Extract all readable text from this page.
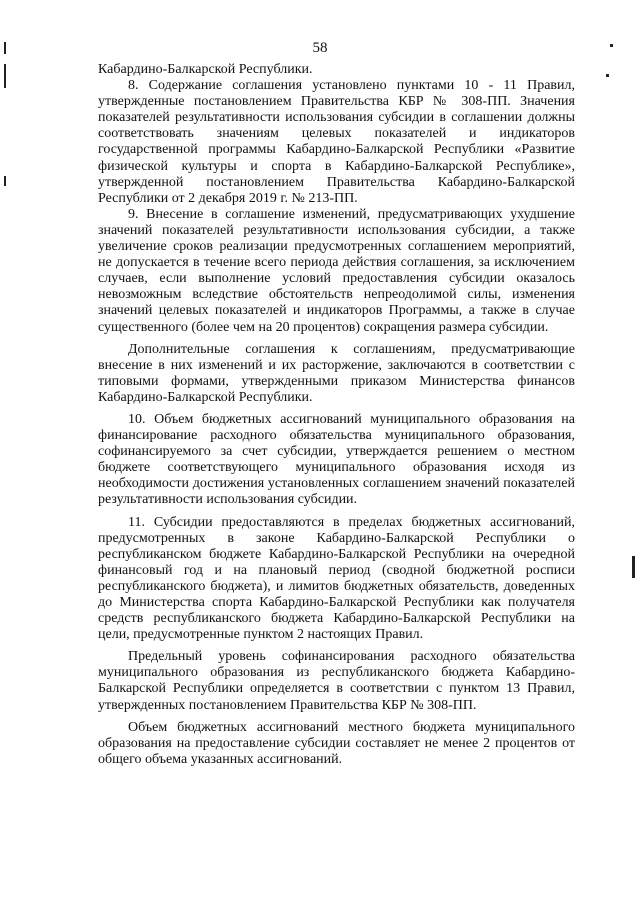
58

Кабардино-Балкарской Республики.

8. Содержание соглашения установлено пунктами 10 - 11 Правил, утвержденные постановлением Правительства КБР № 308-ПП. Значения показателей результативности использования субсидии в соглашении должны соответствовать значениям целевых показателей и индикаторов государственной программы Кабардино-Балкарской Республики «Развитие физической культуры и спорта в Кабардино-Балкарской Республике», утвержденной постановлением Правительства Кабардино-Балкарской Республики от 2 декабря 2019 г. № 213-ПП.

9. Внесение в соглашение изменений, предусматривающих ухудшение значений показателей результативности использования субсидии, а также увеличение сроков реализации предусмотренных соглашением мероприятий, не допускается в течение всего периода действия соглашения, за исключением случаев, если выполнение условий предоставления субсидии оказалось невозможным вследствие обстоятельств непреодолимой силы, изменения значений целевых показателей и индикаторов Программы, а также в случае существенного (более чем на 20 процентов) сокращения размера субсидии.

Дополнительные соглашения к соглашениям, предусматривающие внесение в них изменений и их расторжение, заключаются в соответствии с типовыми формами, утвержденными приказом Министерства финансов Кабардино-Балкарской Республики.

10. Объем бюджетных ассигнований муниципального образования на финансирование расходного обязательства муниципального образования, софинансируемого за счет субсидии, утверждается решением о местном бюджете соответствующего муниципального образования исходя из необходимости достижения установленных соглашением значений показателей результативности использования субсидии.

11. Субсидии предоставляются в пределах бюджетных ассигнований, предусмотренных в законе Кабардино-Балкарской Республики о республиканском бюджете Кабардино-Балкарской Республики на очередной финансовый год и на плановый период (сводной бюджетной росписи республиканского бюджета), и лимитов бюджетных обязательств, доведенных до Министерства спорта Кабардино-Балкарской Республики как получателя средств республиканского бюджета Кабардино-Балкарской Республики на цели, предусмотренные пунктом 2 настоящих Правил.

Предельный уровень софинансирования расходного обязательства муниципального образования из республиканского бюджета Кабардино-Балкарской Республики определяется в соответствии с пунктом 13 Правил, утвержденных постановлением Правительства КБР № 308-ПП.

Объем бюджетных ассигнований местного бюджета муниципального образования на предоставление субсидии составляет не менее 2 процентов от общего объема указанных ассигнований.
